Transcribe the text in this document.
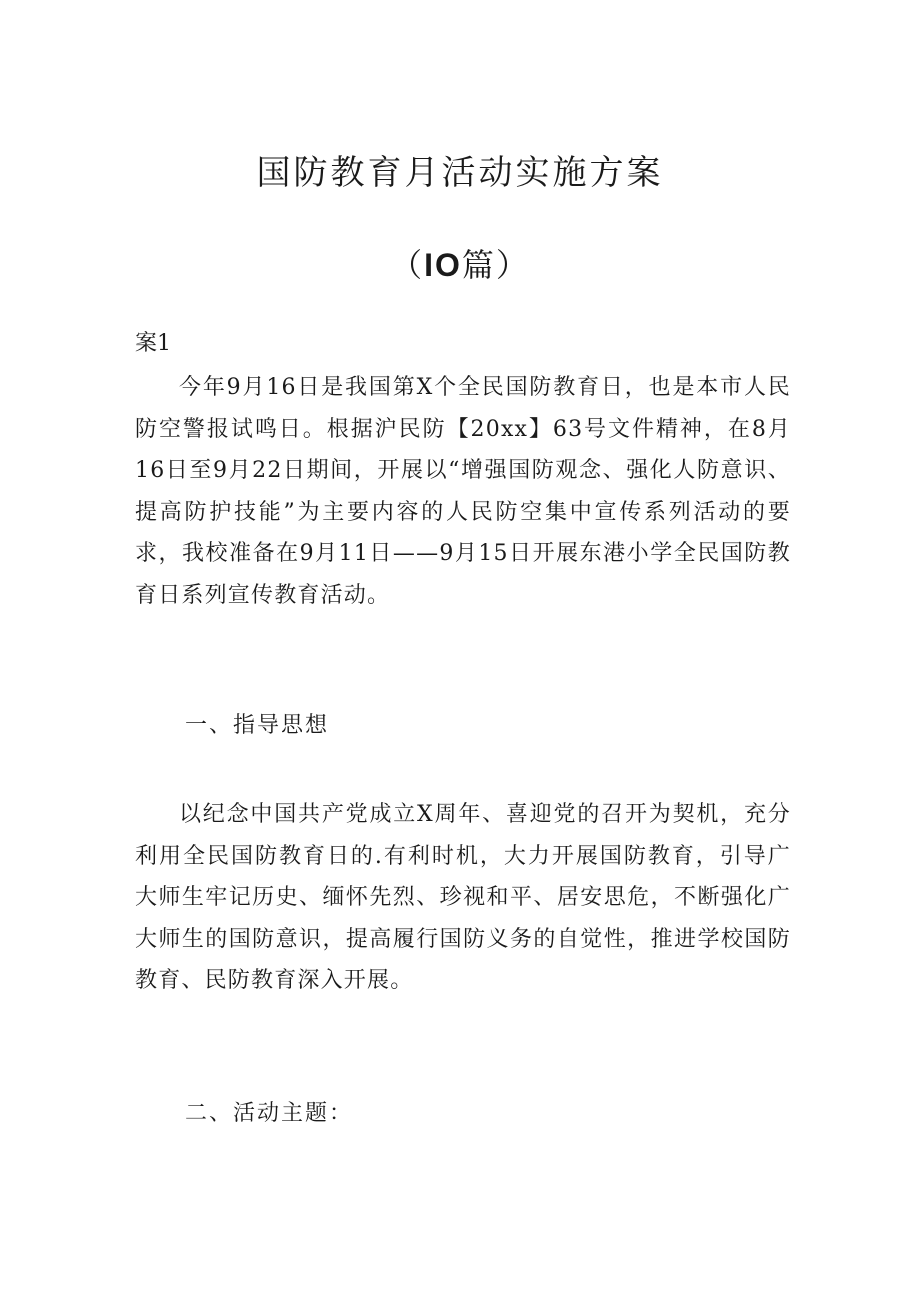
国防教育月活动实施方案
（IO篇）

案1

今年9月16日是我国第X个全民国防教育日，也是本市人民防空警报试鸣日。根据沪民防【20xx】63号文件精神，在8月16日至9月22日期间，开展以“增强国防观念、强化人防意识、提高防护技能”为主要内容的人民防空集中宣传系列活动的要求，我校准备在9月11日——9月15日开展东港小学全民国防教育日系列宣传教育活动。

一、指导思想

以纪念中国共产党成立X周年、喜迎党的召开为契机，充分利用全民国防教育日的.有利时机，大力开展国防教育，引导广大师生牢记历史、缅怀先烈、珍视和平、居安思危，不断强化广大师生的国防意识，提高履行国防义务的自觉性，推进学校国防教育、民防教育深入开展。

二、活动主题：
